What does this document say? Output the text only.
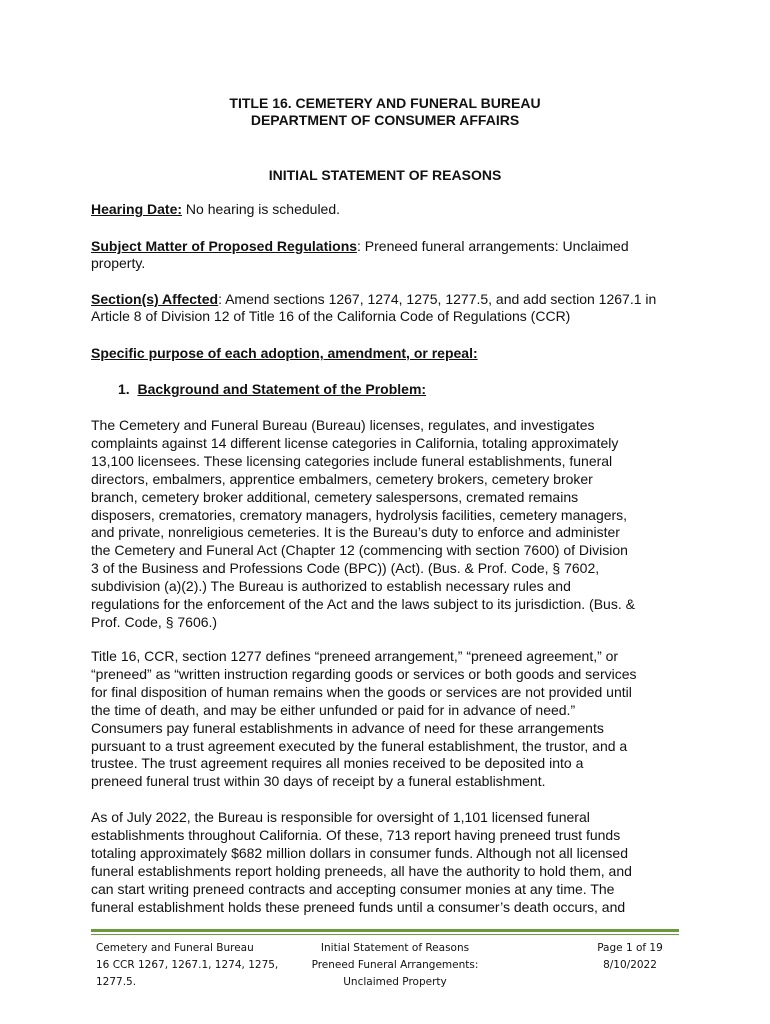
TITLE 16. CEMETERY AND FUNERAL BUREAU
DEPARTMENT OF CONSUMER AFFAIRS
INITIAL STATEMENT OF REASONS
Hearing Date: No hearing is scheduled.
Subject Matter of Proposed Regulations: Preneed funeral arrangements: Unclaimed property.
Section(s) Affected: Amend sections 1267, 1274, 1275, 1277.5, and add section 1267.1 in Article 8 of Division 12 of Title 16 of the California Code of Regulations (CCR)
Specific purpose of each adoption, amendment, or repeal:
1. Background and Statement of the Problem:
The Cemetery and Funeral Bureau (Bureau) licenses, regulates, and investigates
complaints against 14 different license categories in California, totaling approximately
13,100 licensees. These licensing categories include funeral establishments, funeral
directors, embalmers, apprentice embalmers, cemetery brokers, cemetery broker
branch, cemetery broker additional, cemetery salespersons, cremated remains
disposers, crematories, crematory managers, hydrolysis facilities, cemetery managers,
and private, nonreligious cemeteries. It is the Bureau’s duty to enforce and administer
the Cemetery and Funeral Act (Chapter 12 (commencing with section 7600) of Division
3 of the Business and Professions Code (BPC)) (Act). (Bus. & Prof. Code, § 7602,
subdivision (a)(2).) The Bureau is authorized to establish necessary rules and
regulations for the enforcement of the Act and the laws subject to its jurisdiction. (Bus. &
Prof. Code, § 7606.)
Title 16, CCR, section 1277 defines “preneed arrangement,” “preneed agreement,” or
“preneed” as “written instruction regarding goods or services or both goods and services
for final disposition of human remains when the goods or services are not provided until
the time of death, and may be either unfunded or paid for in advance of need.”
Consumers pay funeral establishments in advance of need for these arrangements
pursuant to a trust agreement executed by the funeral establishment, the trustor, and a
trustee. The trust agreement requires all monies received to be deposited into a
preneed funeral trust within 30 days of receipt by a funeral establishment.
As of July 2022, the Bureau is responsible for oversight of 1,101 licensed funeral
establishments throughout California. Of these, 713 report having preneed trust funds
totaling approximately $682 million dollars in consumer funds. Although not all licensed
funeral establishments report holding preneeds, all have the authority to hold them, and
can start writing preneed contracts and accepting consumer monies at any time. The
funeral establishment holds these preneed funds until a consumer’s death occurs, and
Cemetery and Funeral Bureau
16 CCR 1267, 1267.1, 1274, 1275,
1277.5.
Initial Statement of Reasons
Preneed Funeral Arrangements:
Unclaimed Property
Page 1 of 19
8/10/2022
